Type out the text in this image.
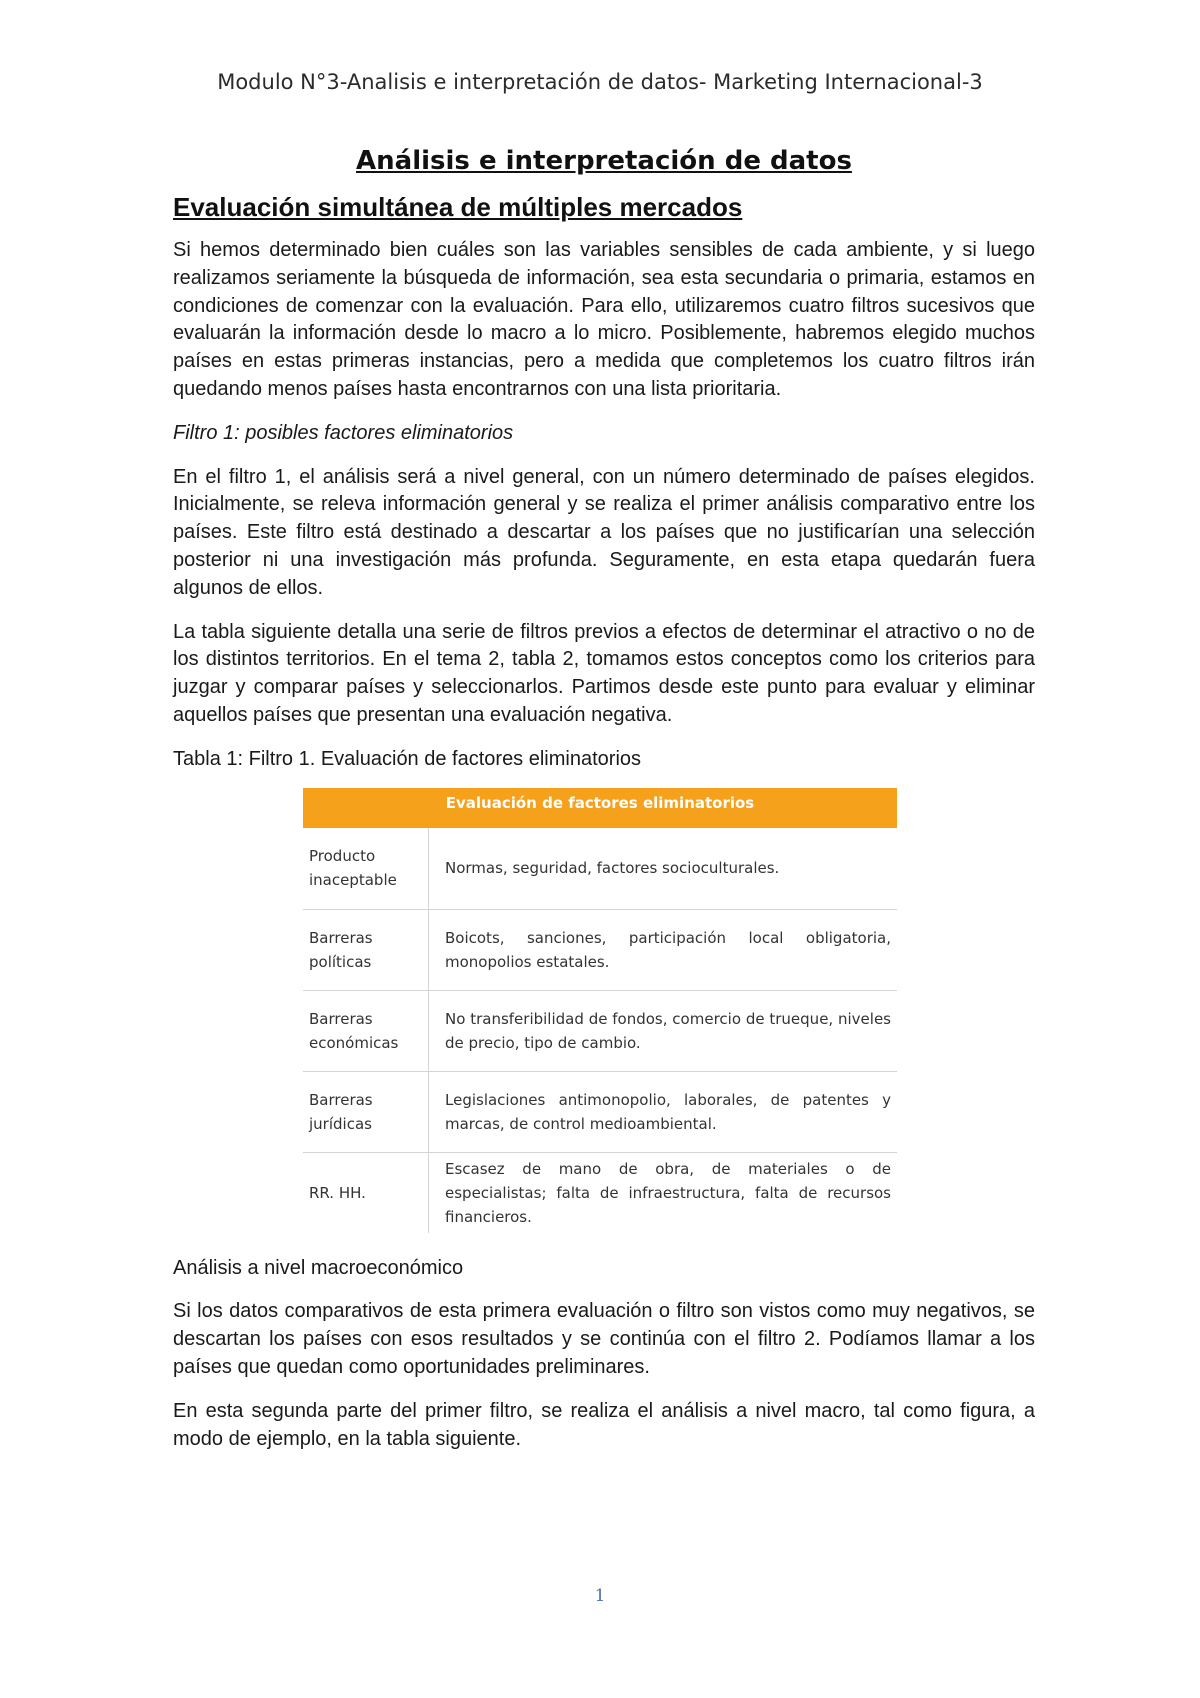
Modulo N°3-Analisis e interpretación de datos- Marketing Internacional-3
Análisis e interpretación de datos
Evaluación simultánea de múltiples mercados

Si hemos determinado bien cuáles son las variables sensibles de cada ambiente, y si luego realizamos seriamente la búsqueda de información, sea esta secundaria o primaria, estamos en condiciones de comenzar con la evaluación. Para ello, utilizaremos cuatro filtros sucesivos que evaluarán la información desde lo macro a lo micro. Posiblemente, habremos elegido muchos países en estas primeras instancias, pero a medida que completemos los cuatro filtros irán quedando menos países hasta encontrarnos con una lista prioritaria.

Filtro 1: posibles factores eliminatorios

En el filtro 1, el análisis será a nivel general, con un número determinado de países elegidos. Inicialmente, se releva información general y se realiza el primer análisis comparativo entre los países. Este filtro está destinado a descartar a los países que no justificarían una selección posterior ni una investigación más profunda. Seguramente, en esta etapa quedarán fuera algunos de ellos.

La tabla siguiente detalla una serie de filtros previos a efectos de determinar el atractivo o no de los distintos territorios. En el tema 2, tabla 2, tomamos estos conceptos como los criterios para juzgar y comparar países y seleccionarlos. Partimos desde este punto para evaluar y eliminar aquellos países que presentan una evaluación negativa.

Tabla 1: Filtro 1. Evaluación de factores eliminatorios

Evaluación de factores eliminatorios
Producto inaceptable
Normas, seguridad, factores socioculturales.
Barreras políticas
Boicots, sanciones, participación local obligatoria, monopolios estatales.
Barreras económicas
No transferibilidad de fondos, comercio de trueque, niveles de precio, tipo de cambio.
Barreras jurídicas
Legislaciones antimonopolio, laborales, de patentes y marcas, de control medioambiental.
RR. HH.
Escasez de mano de obra, de materiales o de especialistas; falta de infraestructura, falta de recursos financieros.

Análisis a nivel macroeconómico

Si los datos comparativos de esta primera evaluación o filtro son vistos como muy negativos, se descartan los países con esos resultados y se continúa con el filtro 2. Podíamos llamar a los países que quedan como oportunidades preliminares.

En esta segunda parte del primer filtro, se realiza el análisis a nivel macro, tal como figura, a modo de ejemplo, en la tabla siguiente.

1
